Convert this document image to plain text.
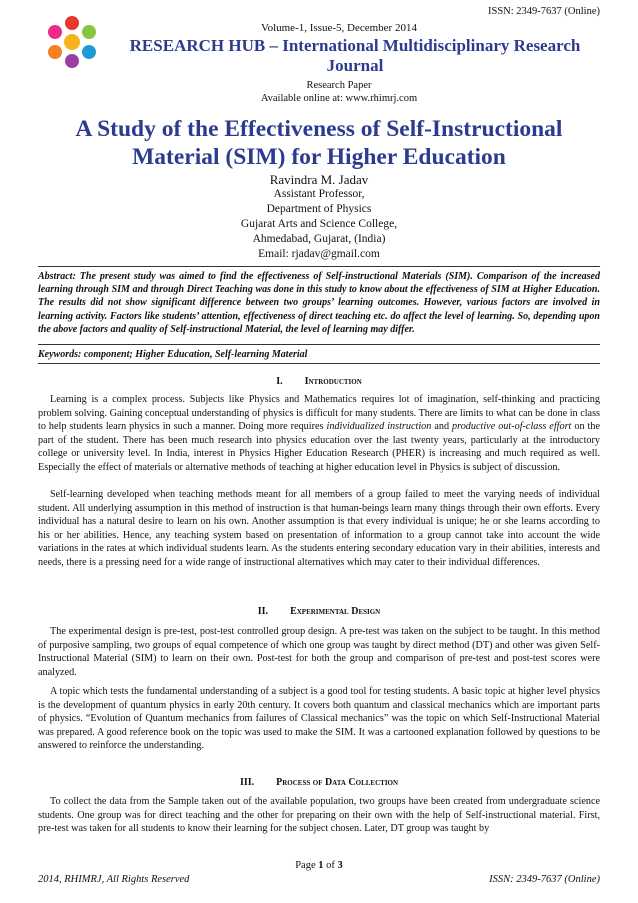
ISSN: 2349-7637 (Online)
Volume-1, Issue-5, December 2014
RESEARCH HUB – International Multidisciplinary Research Journal
Research Paper
Available online at: www.rhimrj.com
A Study of the Effectiveness of Self-Instructional Material (SIM) for Higher Education
Ravindra M. Jadav
Assistant Professor,
Department of Physics
Gujarat Arts and Science College,
Ahmedabad, Gujarat, (India)
Email: rjadav@gmail.com
Abstract: The present study was aimed to find the effectiveness of Self-instructional Materials (SIM). Comparison of the increased learning through SIM and through Direct Teaching was done in this study to know about the effectiveness of SIM at Higher Education. The results did not show significant difference between two groups’ learning outcomes. However, various factors are involved in learning activity. Factors like students’ attention, effectiveness of direct teaching etc. do affect the level of learning. So, depending upon the above factors and quality of Self-instructional Material, the level of learning may differ.
Keywords: component; Higher Education, Self-learning Material
I. Introduction
Learning is a complex process. Subjects like Physics and Mathematics requires lot of imagination, self-thinking and practicing problem solving. Gaining conceptual understanding of physics is difficult for many students. There are limits to what can be done in class to help students learn physics in such a manner. Doing more requires individualized instruction and productive out-of-class effort on the part of the student. There has been much research into physics education over the last twenty years, particularly at the introductory college or university level. In India, interest in Physics Higher Education Research (PHER) is increasing and much required as well. Especially the effect of materials or alternative methods of teaching at higher education level in Physics is subject of discussion.
Self-learning developed when teaching methods meant for all members of a group failed to meet the varying needs of individual student. All underlying assumption in this method of instruction is that human-beings learn many things through their own efforts. Every individual has a natural desire to learn on his own. Another assumption is that every individual is unique; he or she learns according to his or her abilities. Hence, any teaching system based on presentation of information to a group cannot take into account the wide variations in the rates at which individual students learn. As the students entering secondary education vary in their abilities, interests and needs, there is a pressing need for a wide range of instructional alternatives which may cater to their individual differences.
II. Experimental Design
The experimental design is pre-test, post-test controlled group design. A pre-test was taken on the subject to be taught. In this method of purposive sampling, two groups of equal competence of which one group was taught by direct method (DT) and other was given Self-Instructional Material (SIM) to learn on their own. Post-test for both the group and comparison of pre-test and post-test scores were analyzed.
A topic which tests the fundamental understanding of a subject is a good tool for testing students. A basic topic at higher level physics is the development of quantum physics in early 20th century. It covers both quantum and classical mechanics which are important parts of physics. “Evolution of Quantum mechanics from failures of Classical mechanics” was the topic on which Self-Instructional Material was prepared. A good reference book on the topic was used to make the SIM. It was a cartooned explanation followed by questions to be answered to reinforce the understanding.
III. Process of Data Collection
To collect the data from the Sample taken out of the available population, two groups have been created from undergraduate science students. One group was for direct teaching and the other for preparing on their own with the help of Self-instructional material. First, pre-test was taken for all students to know their learning for the subject chosen. Later, DT group was taught by
Page 1 of 3
2014, RHIMRJ, All Rights Reserved	ISSN: 2349-7637 (Online)
